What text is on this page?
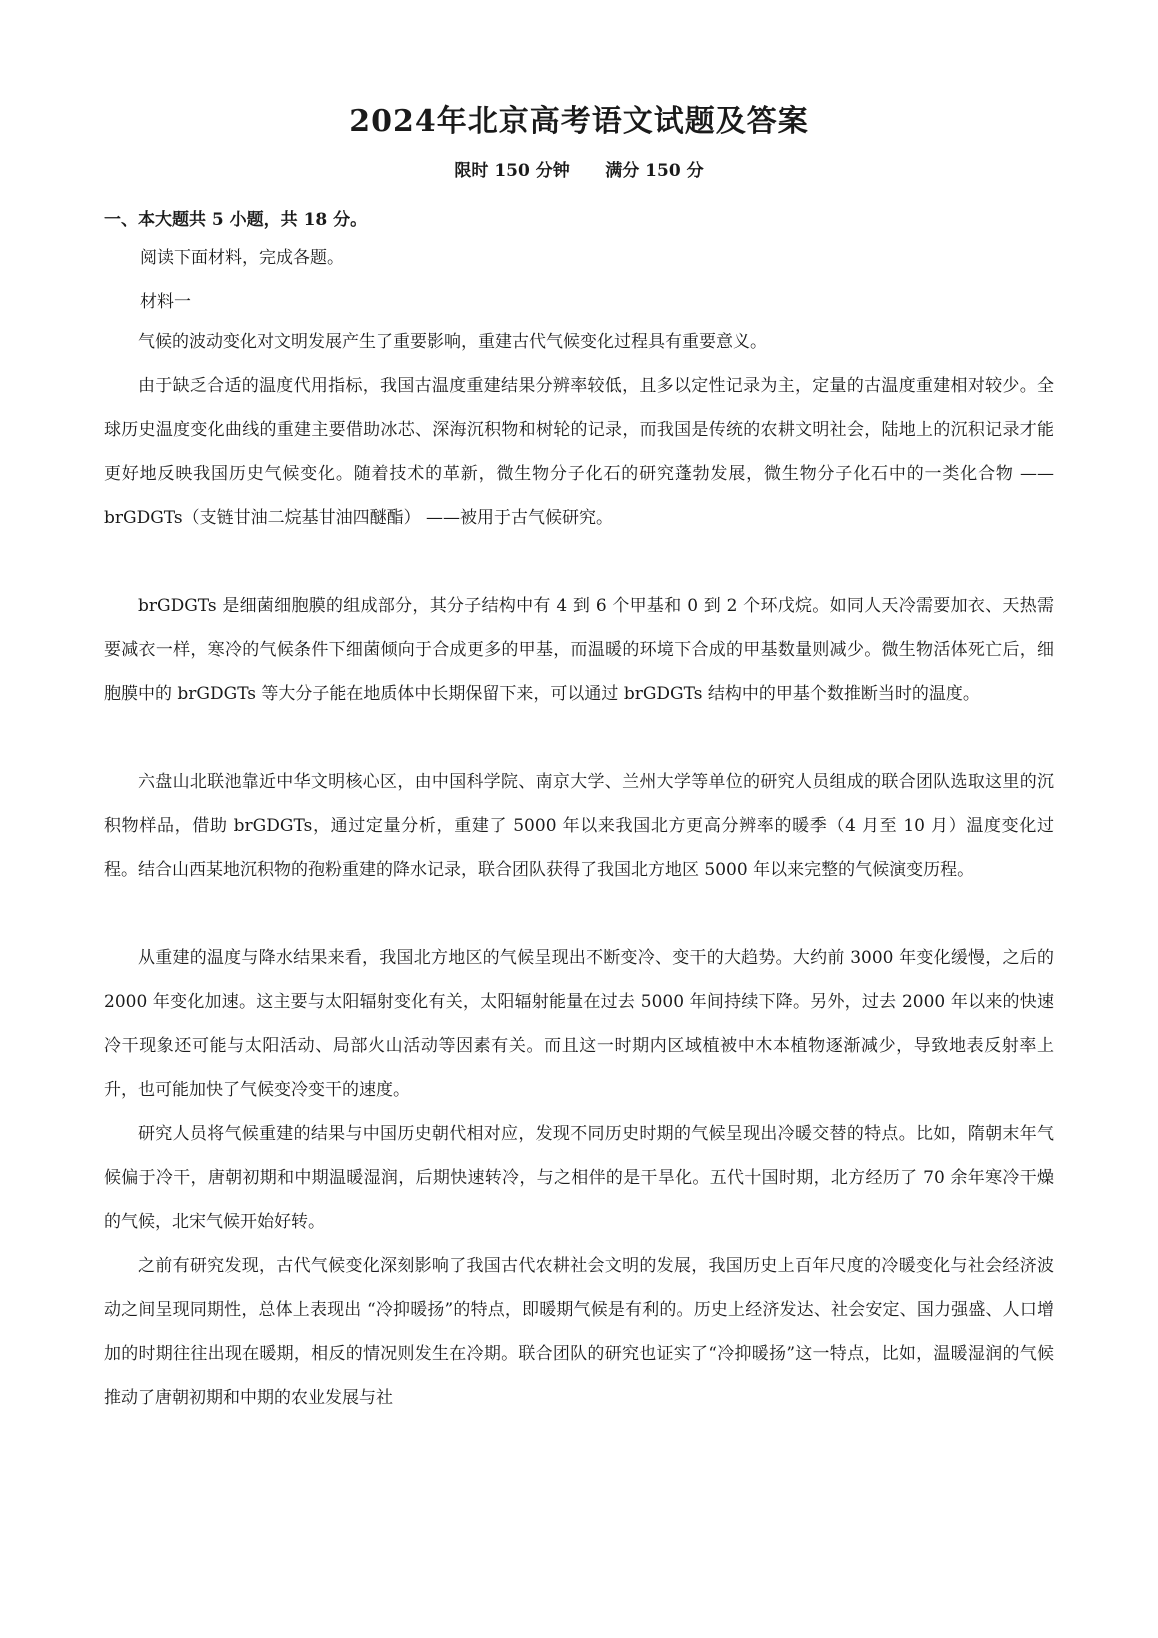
2024年北京高考语文试题及答案
限时 150 分钟      满分 150 分
一、本大题共 5 小题，共 18 分。
阅读下面材料，完成各题。
材料一

气候的波动变化对文明发展产生了重要影响，重建古代气候变化过程具有重要意义。

由于缺乏合适的温度代用指标，我国古温度重建结果分辨率较低，且多以定性记录为主，定量的古温度重建相对较少。全球历史温度变化曲线的重建主要借助冰芯、深海沉积物和树轮的记录，而我国是传统的农耕文明社会，陆地上的沉积记录才能更好地反映我国历史气候变化。随着技术的革新，微生物分子化石的研究蓬勃发展，微生物分子化石中的一类化合物 ——brGDGTs（支链甘油二烷基甘油四醚酯） ——被用于古气候研究。

brGDGTs 是细菌细胞膜的组成部分，其分子结构中有 4 到 6 个甲基和 0 到 2 个环戊烷。如同人天冷需要加衣、天热需要减衣一样，寒冷的气候条件下细菌倾向于合成更多的甲基，而温暖的环境下合成的甲基数量则减少。微生物活体死亡后，细胞膜中的 brGDGTs 等大分子能在地质体中长期保留下来，可以通过 brGDGTs 结构中的甲基个数推断当时的温度。

六盘山北联池靠近中华文明核心区，由中国科学院、南京大学、兰州大学等单位的研究人员组成的联合团队选取这里的沉积物样品，借助 brGDGTs，通过定量分析，重建了 5000 年以来我国北方更高分辨率的暖季（4 月至 10 月）温度变化过程。结合山西某地沉积物的孢粉重建的降水记录，联合团队获得了我国北方地区 5000 年以来完整的气候演变历程。

从重建的温度与降水结果来看，我国北方地区的气候呈现出不断变冷、变干的大趋势。大约前 3000 年变化缓慢，之后的 2000 年变化加速。这主要与太阳辐射变化有关，太阳辐射能量在过去 5000 年间持续下降。另外，过去 2000 年以来的快速冷干现象还可能与太阳活动、局部火山活动等因素有关。而且这一时期内区域植被中木本植物逐渐减少，导致地表反射率上升，也可能加快了气候变冷变干的速度。

研究人员将气候重建的结果与中国历史朝代相对应，发现不同历史时期的气候呈现出冷暖交替的特点。比如，隋朝末年气候偏于冷干，唐朝初期和中期温暖湿润，后期快速转冷，与之相伴的是干旱化。五代十国时期，北方经历了 70 余年寒冷干燥的气候，北宋气候开始好转。

之前有研究发现，古代气候变化深刻影响了我国古代农耕社会文明的发展，我国历史上百年尺度的冷暖变化与社会经济波动之间呈现同期性，总体上表现出 “冷抑暖扬”的特点，即暖期气候是有利的。历史上经济发达、社会安定、国力强盛、人口增加的时期往往出现在暖期，相反的情况则发生在冷期。联合团队的研究也证实了“冷抑暖扬”这一特点，比如，温暖湿润的气候推动了唐朝初期和中期的农业发展与社
